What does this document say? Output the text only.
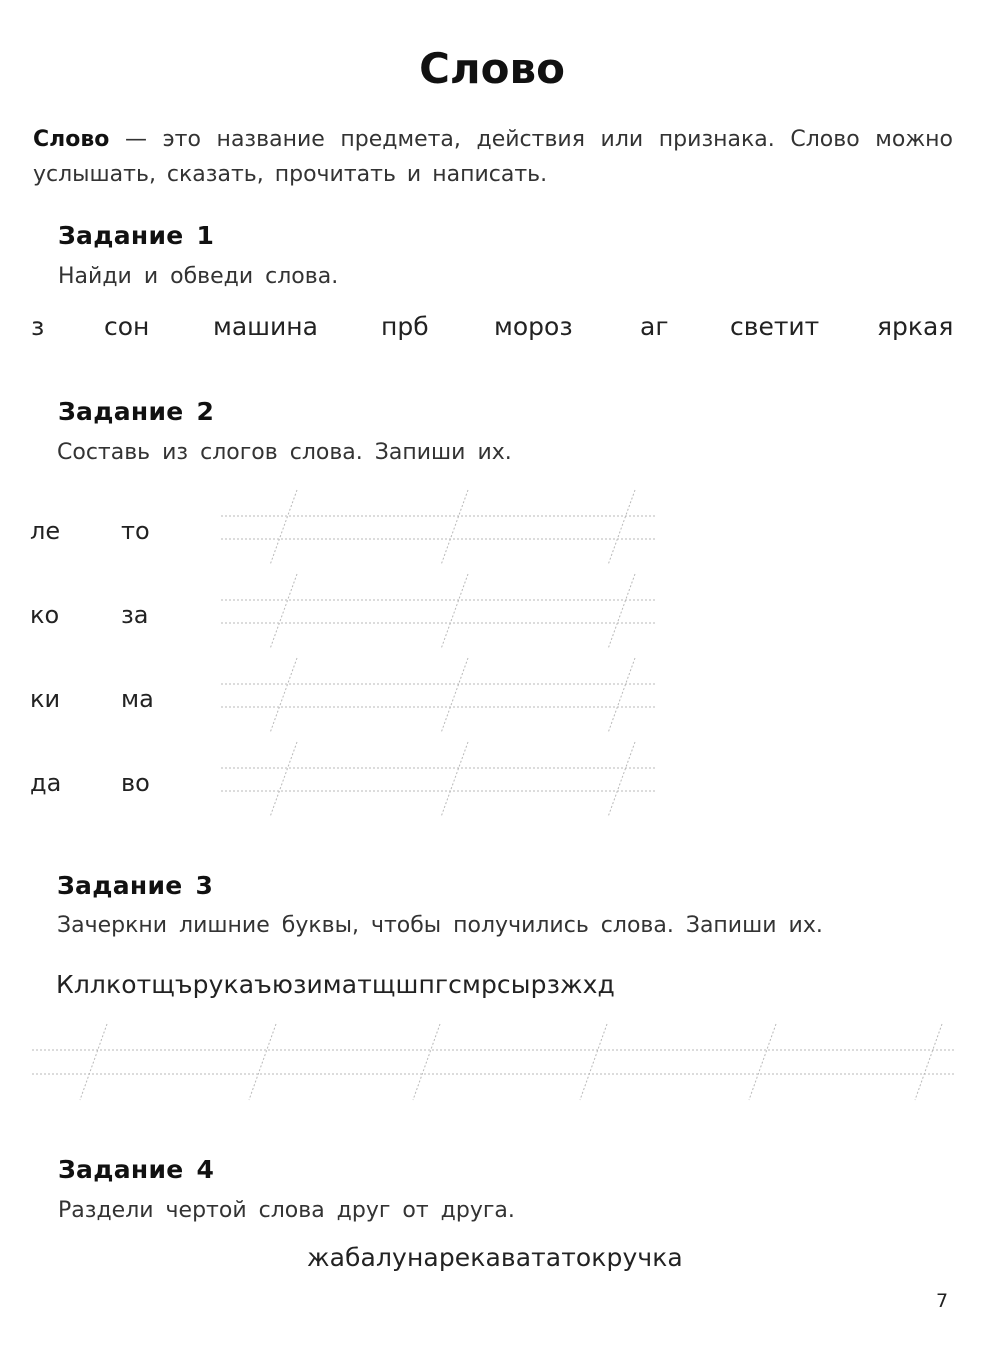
Слово
Слово — это название предмета, действия или признака. Слово можно услышать, сказать, прочитать и написать.
Задание 1
Найди и обведи слова.
з сон	машина	прб	мороз	аг светит яркая
Задание 2
Составь из слогов слова. Запиши их.
ле	то
ко	за
ки	ма
да во
Задание 3
Зачеркни лишние буквы, чтобы получились слова. Запиши их.
Кллкотщърукаъюзиматщшпгсмрсырзжхд
Задание 4
Раздели чертой слова друг от друга.
жабалунарекавататокручка
7
